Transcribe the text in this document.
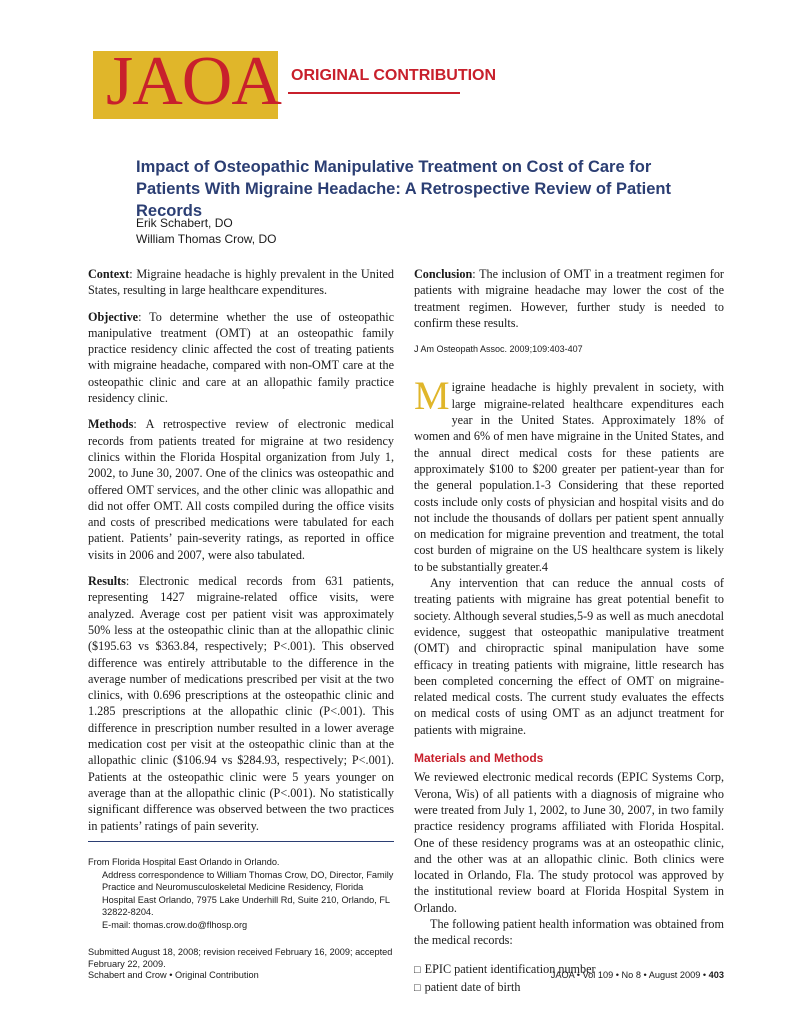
JAOA ORIGINAL CONTRIBUTION
Impact of Osteopathic Manipulative Treatment on Cost of Care for Patients With Migraine Headache: A Retrospective Review of Patient Records
Erik Schabert, DO
William Thomas Crow, DO

Context: Migraine headache is highly prevalent in the United States, resulting in large healthcare expenditures.

Objective: To determine whether the use of osteopathic manipulative treatment (OMT) at an osteopathic family practice residency clinic affected the cost of treating patients with migraine headache, compared with non-OMT care at the osteopathic clinic and care at an allopathic family practice residency clinic.

Methods: A retrospective review of electronic medical records from patients treated for migraine at two residency clinics within the Florida Hospital organization from July 1, 2002, to June 30, 2007. One of the clinics was osteopathic and offered OMT services, and the other clinic was allopathic and did not offer OMT. All costs compiled during the office visits and costs of prescribed medications were tabulated for each patient. Patients’ pain-severity ratings, as reported in office visits in 2006 and 2007, were also tabulated.

Results: Electronic medical records from 631 patients, representing 1427 migraine-related office visits, were analyzed. Average cost per patient visit was approximately 50% less at the osteopathic clinic than at the allopathic clinic ($195.63 vs $363.84, respectively; P<.001). This observed difference was entirely attributable to the difference in the average number of medications prescribed per visit at the two clinics, with 0.696 prescriptions at the osteopathic clinic and 1.285 prescriptions at the allopathic clinic (P<.001). This difference in prescription number resulted in a lower average medication cost per visit at the osteopathic clinic than at the allopathic clinic ($106.94 vs $284.93, respectively; P<.001). Patients at the osteopathic clinic were 5 years younger on average than at the allopathic clinic (P<.001). No statistically significant difference was observed between the two practices in patients’ ratings of pain severity.

Conclusion: The inclusion of OMT in a treatment regimen for patients with migraine headache may lower the cost of the treatment regimen. However, further study is needed to confirm these results.

J Am Osteopath Assoc. 2009;109:403-407

Migraine headache is highly prevalent in society, with large migraine-related healthcare expenditures each year in the United States. Approximately 18% of women and 6% of men have migraine in the United States, and the annual direct medical costs for these patients are approximately $100 to $200 greater per patient-year than for the general population.1-3 Considering that these reported costs include only costs of physician and hospital visits and do not include the thousands of dollars per patient spent annually on medication for migraine prevention and treatment, the total cost burden of migraine on the US healthcare system is likely to be substantially greater.4

Any intervention that can reduce the annual costs of treating patients with migraine has great potential benefit to society. Although several studies,5-9 as well as much anecdotal evidence, suggest that osteopathic manipulative treatment (OMT) and chiropractic spinal manipulation have some efficacy in treating patients with migraine, little research has been completed concerning the effect of OMT on migraine-related medical costs. The current study evaluates the effects on medical costs of using OMT as an adjunct treatment for patients with migraine.

Materials and Methods

We reviewed electronic medical records (EPIC Systems Corp, Verona, Wis) of all patients with a diagnosis of migraine who were treated from July 1, 2002, to June 30, 2007, in two family practice residency programs affiliated with Florida Hospital. One of these residency programs was at an osteopathic clinic, and the other was at an allopathic clinic. Both clinics were located in Orlando, Fla. The study protocol was approved by the institutional review board at Florida Hospital System in Orlando.

The following patient health information was obtained from the medical records:

□ EPIC patient identification number
□ patient date of birth
From Florida Hospital East Orlando in Orlando.
Address correspondence to William Thomas Crow, DO, Director, Family Practice and Neuromusculoskeletal Medicine Residency, Florida Hospital East Orlando, 7975 Lake Underhill Rd, Suite 210, Orlando, FL 32822-8204.
E-mail: thomas.crow.do@flhosp.org
Submitted August 18, 2008; revision received February 16, 2009; accepted February 22, 2009.
Schabert and Crow • Original Contribution	JAOA • Vol 109 • No 8 • August 2009 • 403
